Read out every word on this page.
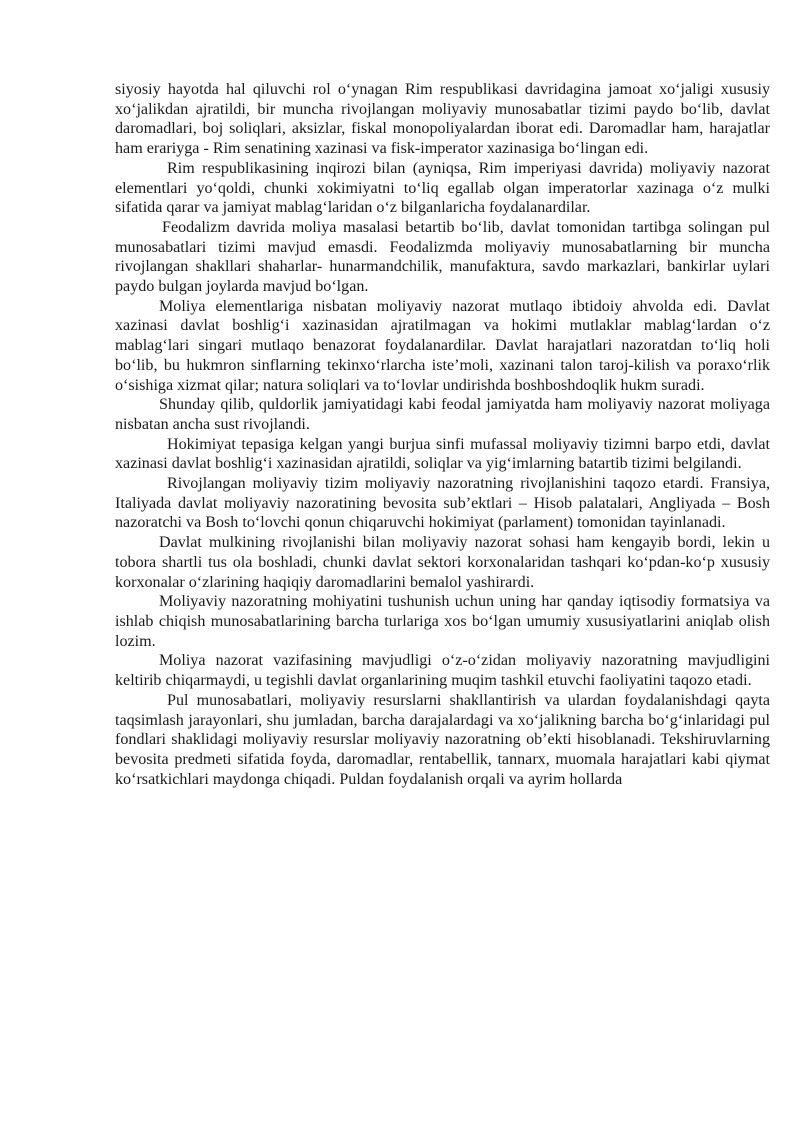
siyosiy hayotda hal qiluvchi rol oʻynagan Rim respublikasi davridagina jamoat xoʻjaligi xususiy xoʻjalikdan ajratildi, bir muncha rivojlangan moliyaviy munosabatlar tizimi paydo boʻlib, davlat daromadlari, boj soliqlari, aksizlar, fiskal monopoliyalardan iborat edi. Daromadlar ham, harajatlar ham erariyga - Rim senatining xazinasi va fisk-imperator xazinasiga boʻlingan edi.

Rim respublikasining inqirozi bilan (ayniqsa, Rim imperiyasi davrida) moliyaviy nazorat elementlari yoʻqoldi, chunki xokimiyatni toʻliq egallab olgan imperatorlar xazinaga oʻz mulki sifatida qarar va jamiyat mablagʻlaridan oʻz bilganlaricha foydalanardilar.

Feodalizm davrida moliya masalasi betartib boʻlib, davlat tomonidan tartibga solingan pul munosabatlari tizimi mavjud emasdi. Feodalizmda moliyaviy munosabatlarning bir muncha rivojlangan shakllari shaharlar- hunarmandchilik, manufaktura, savdo markazlari, bankirlar uylari paydo bulgan joylarda mavjud boʻlgan.

Moliya elementlariga nisbatan moliyaviy nazorat mutlaqo ibtidoiy ahvolda edi. Davlat xazinasi davlat boshligʻi xazinasidan ajratilmagan va hokimi mutlaklar mablagʻlardan oʻz mablagʻlari singari mutlaqo benazorat foydalanardilar. Davlat harajatlari nazoratdan toʻliq holi boʻlib, bu hukmron sinflarning tekinxoʻrlarcha isteʼmoli, xazinani talon taroj-kilish va poraxoʻrlik oʻsishiga xizmat qilar; natura soliqlari va toʻlovlar undirishda boshboshdoqlik hukm suradi.

Shunday qilib, quldorlik jamiyatidagi kabi feodal jamiyatda ham moliyaviy nazorat moliyaga nisbatan ancha sust rivojlandi.

Hokimiyat tepasiga kelgan yangi burjua sinfi mufassal moliyaviy tizimni barpo etdi, davlat xazinasi davlat boshligʻi xazinasidan ajratildi, soliqlar va yigʻimlarning batartib tizimi belgilandi.

Rivojlangan moliyaviy tizim moliyaviy nazoratning rivojlanishini taqozo etardi. Fransiya, Italiyada davlat moliyaviy nazoratining bevosita subʼektlari – Hisob palatalari, Angliyada – Bosh nazoratchi va Bosh toʻlovchi qonun chiqaruvchi hokimiyat (parlament) tomonidan tayinlanadi.

Davlat mulkining rivojlanishi bilan moliyaviy nazorat sohasi ham kengayib bordi, lekin u tobora shartli tus ola boshladi, chunki davlat sektori korxonalaridan tashqari koʻpdan-koʻp xususiy korxonalar oʻzlarining haqiqiy daromadlarini bemalol yashirardi.

Moliyaviy nazoratning mohiyatini tushunish uchun uning har qanday iqtisodiy formatsiya va ishlab chiqish munosabatlarining barcha turlariga xos boʻlgan umumiy xususiyatlarini aniqlab olish lozim.

Moliya nazorat vazifasining mavjudligi oʻz-oʻzidan moliyaviy nazoratning mavjudligini keltirib chiqarmaydi, u tegishli davlat organlarining muqim tashkil etuvchi faoliyatini taqozo etadi.

Pul munosabatlari, moliyaviy resurslarni shakllantirish va ulardan foydalanishdagi qayta taqsimlash jarayonlari, shu jumladan, barcha darajalardagi va xoʻjalikning barcha boʻgʻinlaridagi pul fondlari shaklidagi moliyaviy resurslar moliyaviy nazoratning obʼekti hisoblanadi. Tekshiruvlarning bevosita predmeti sifatida foyda, daromadlar, rentabellik, tannarx, muomala harajatlari kabi qiymat koʻrsatkichlari maydonga chiqadi. Puldan foydalanish orqali va ayrim hollarda
